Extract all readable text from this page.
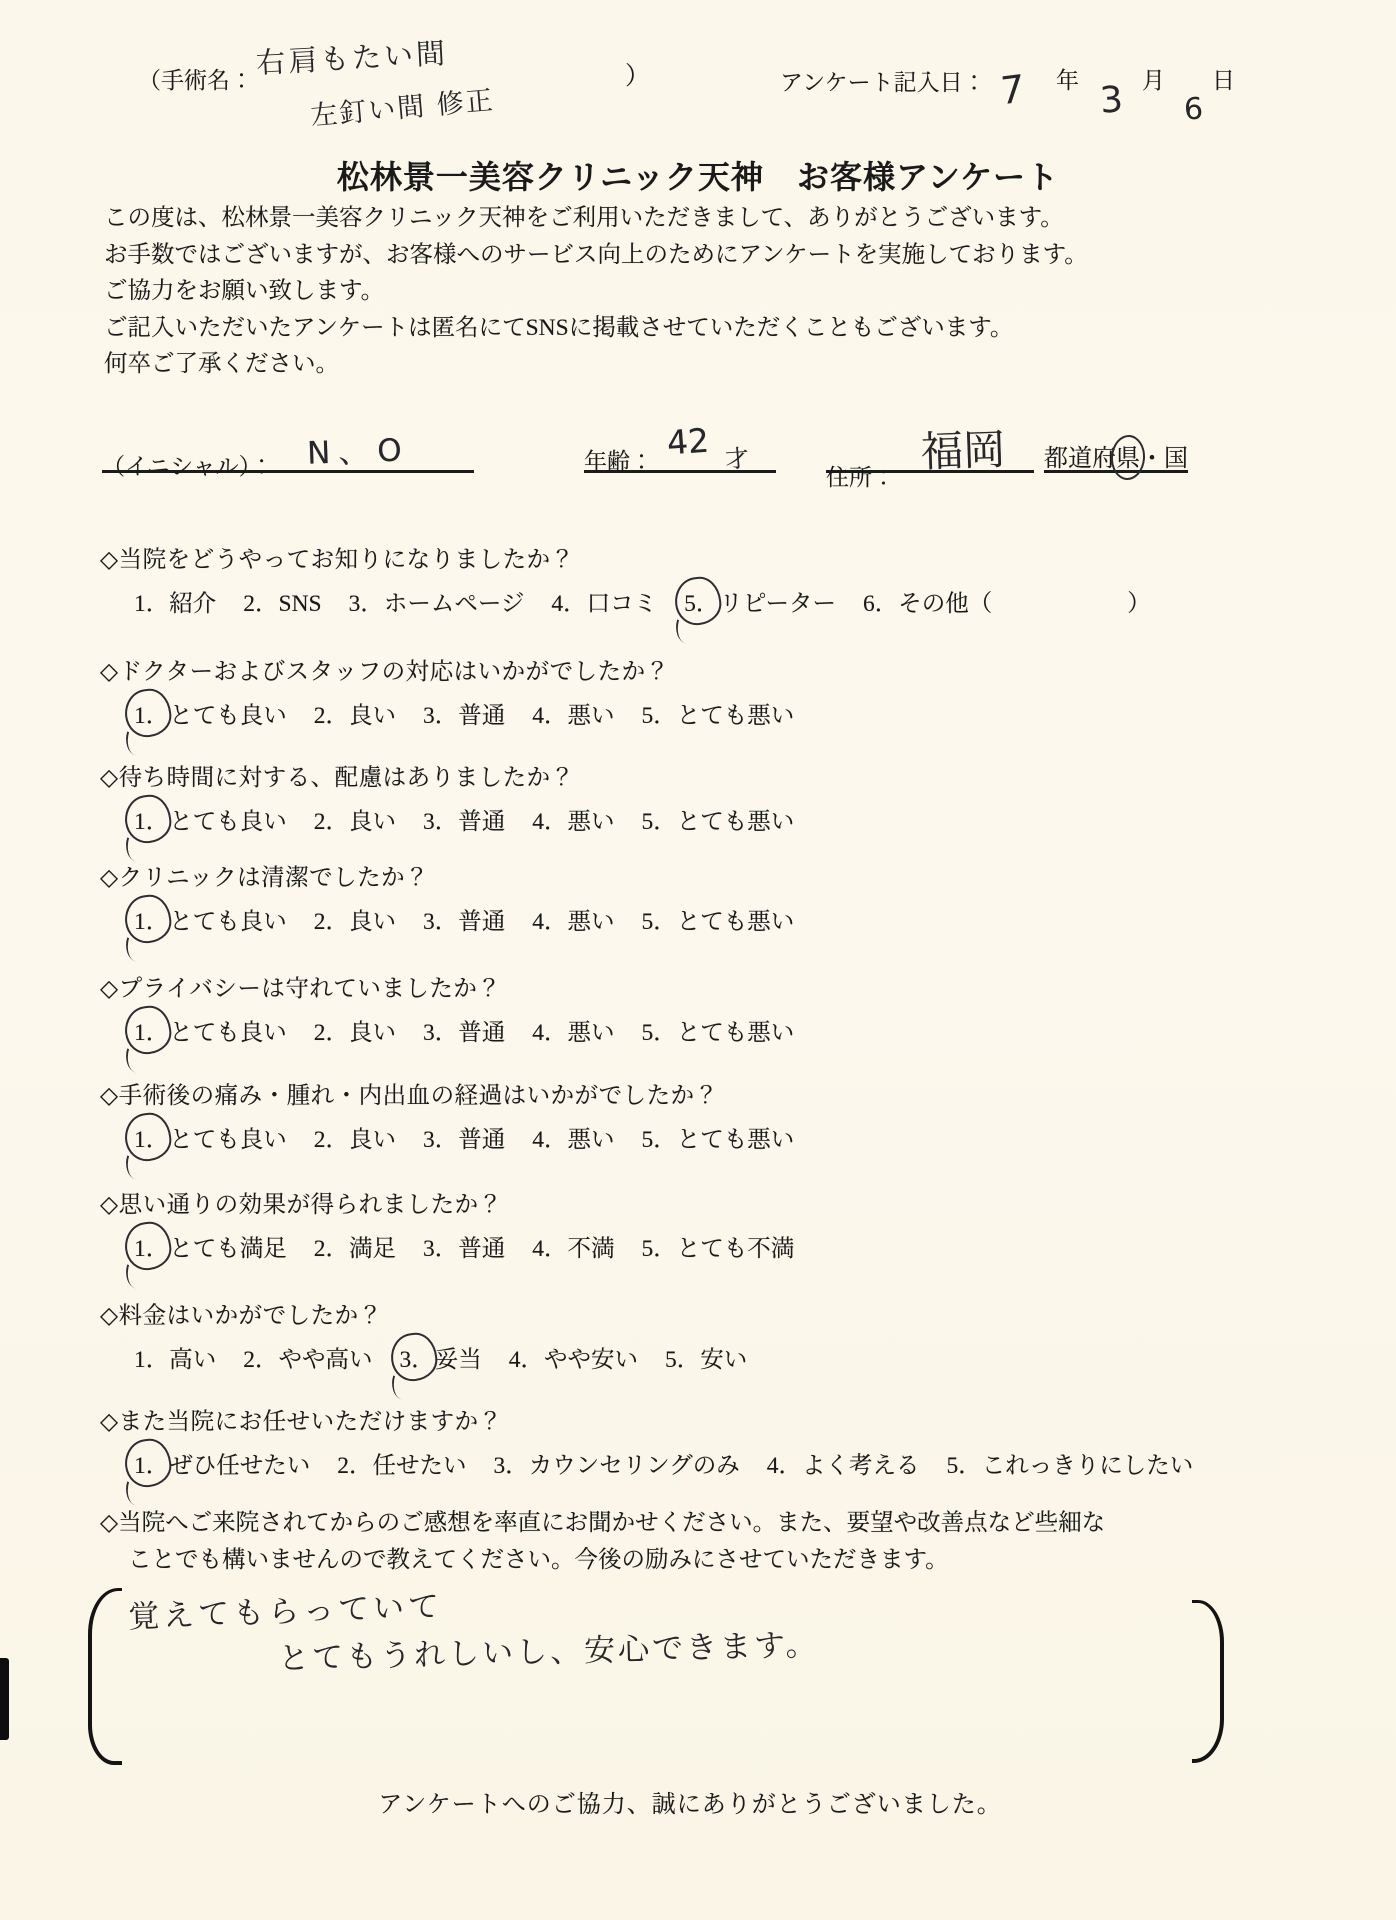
（手術名：
右肩もたい間
左釘い間 修正
）	アンケート記入日： 7 年 3 月
6
日
松林景一美容クリニック天神　お客様アンケート

この度は、松林景一美容クリニック天神をご利用いただきまして、ありがとうございます。

お手数ではございますが、お客様へのサービス向上のためにアンケートを実施しております。

ご協力をお願い致します。

ご記入いただいたアンケートは匿名にてSNSに掲載させていただくこともございます。

何卒ご了承ください。

（イニシャル）： N、O	年齢： 42 才
住所：福岡	都道府県・国
◇当院をどうやってお知りになりましたか？
1．紹介 2．SNS 3．ホームページ 4．口コミ 5．リピーター 6．その他（	）
◇ドクターおよびスタッフの対応はいかがでしたか？
1．とても良い 2．良い 3．普通 4．悪い 5．とても悪い
◇待ち時間に対する、配慮はありましたか？
1．とても良い 2．良い 3．普通 4．悪い 5．とても悪い
◇クリニックは清潔でしたか？
1．とても良い 2．良い 3．普通 4．悪い 5．とても悪い
◇プライバシーは守れていましたか？
1．とても良い 2．良い 3．普通 4．悪い 5．とても悪い
◇手術後の痛み・腫れ・内出血の経過はいかがでしたか？
1．とても良い 2．良い 3．普通 4．悪い 5．とても悪い
◇思い通りの効果が得られましたか？
1．とても満足 2．満足 3．普通 4．不満 5．とても不満
◇料金はいかがでしたか？
1．高い 2．やや高い 3．妥当 4．やや安い 5．安い
◇また当院にお任せいただけますか？
1．ぜひ任せたい 2．任せたい 3．カウンセリングのみ 4．よく考える 5．これっきりにしたい
◇当院へご来院されてからのご感想を率直にお聞かせください。また、要望や改善点など些細な
ことでも構いませんので教えてください。今後の励みにさせていただきます。
覚えてもらっていて
とてもうれしいし、安心できます。
アンケートへのご協力、誠にありがとうございました。
